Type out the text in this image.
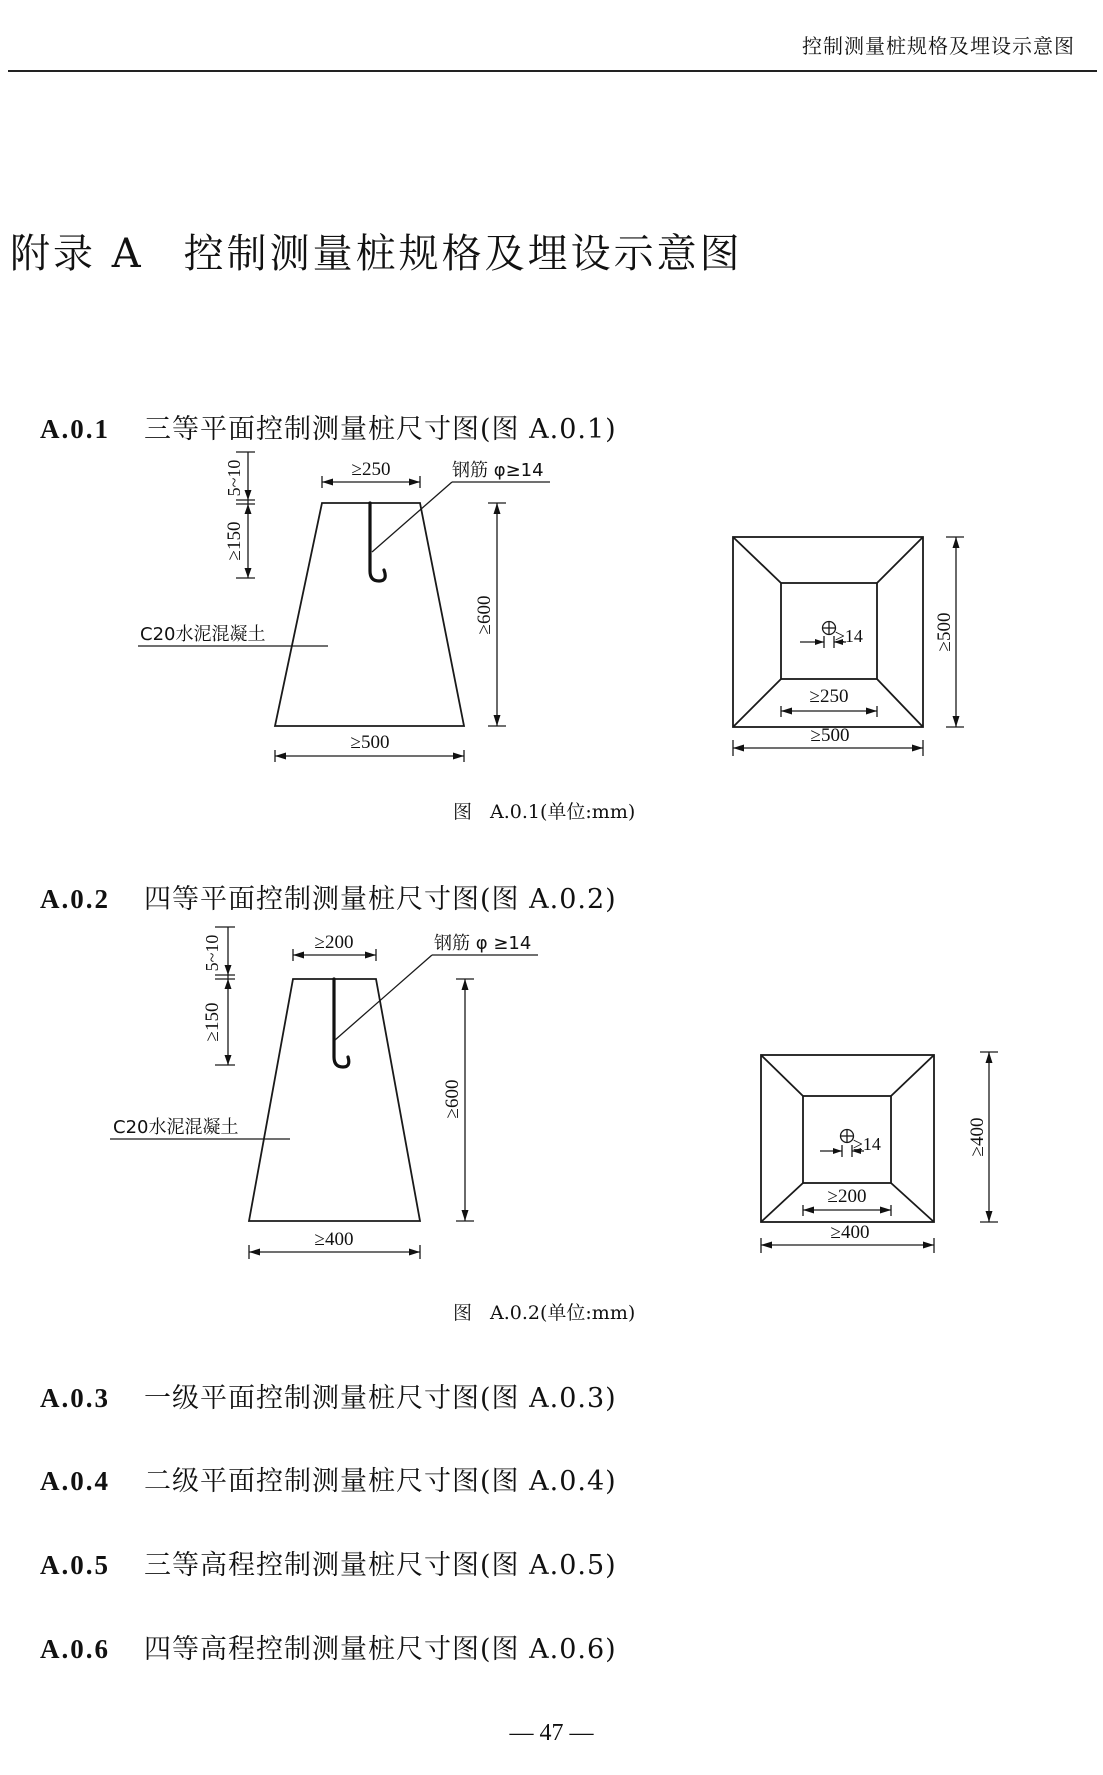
控制测量桩规格及埋设示意图
附录 A 控制测量桩规格及埋设示意图
A.0.1 三等平面控制测量桩尺寸图(图 A.0.1)
≥250	钢筋 φ≥14
5~10
≥150
C20水泥混凝土
≥600
≥500
≥14
≥250
≥500
≥500
图 A.0.1(单位:mm)
A.0.2 四等平面控制测量桩尺寸图(图 A.0.2)
≥200	钢筋 φ ≥14
5~10
≥150
C20水泥混凝土
≥600
≥400
≥14
≥200
≥400
≥400
图 A.0.2(单位:mm)
A.0.3 一级平面控制测量桩尺寸图(图 A.0.3)
A.0.4 二级平面控制测量桩尺寸图(图 A.0.4)
A.0.5 三等高程控制测量桩尺寸图(图 A.0.5)
A.0.6 四等高程控制测量桩尺寸图(图 A.0.6)
— 47 —
